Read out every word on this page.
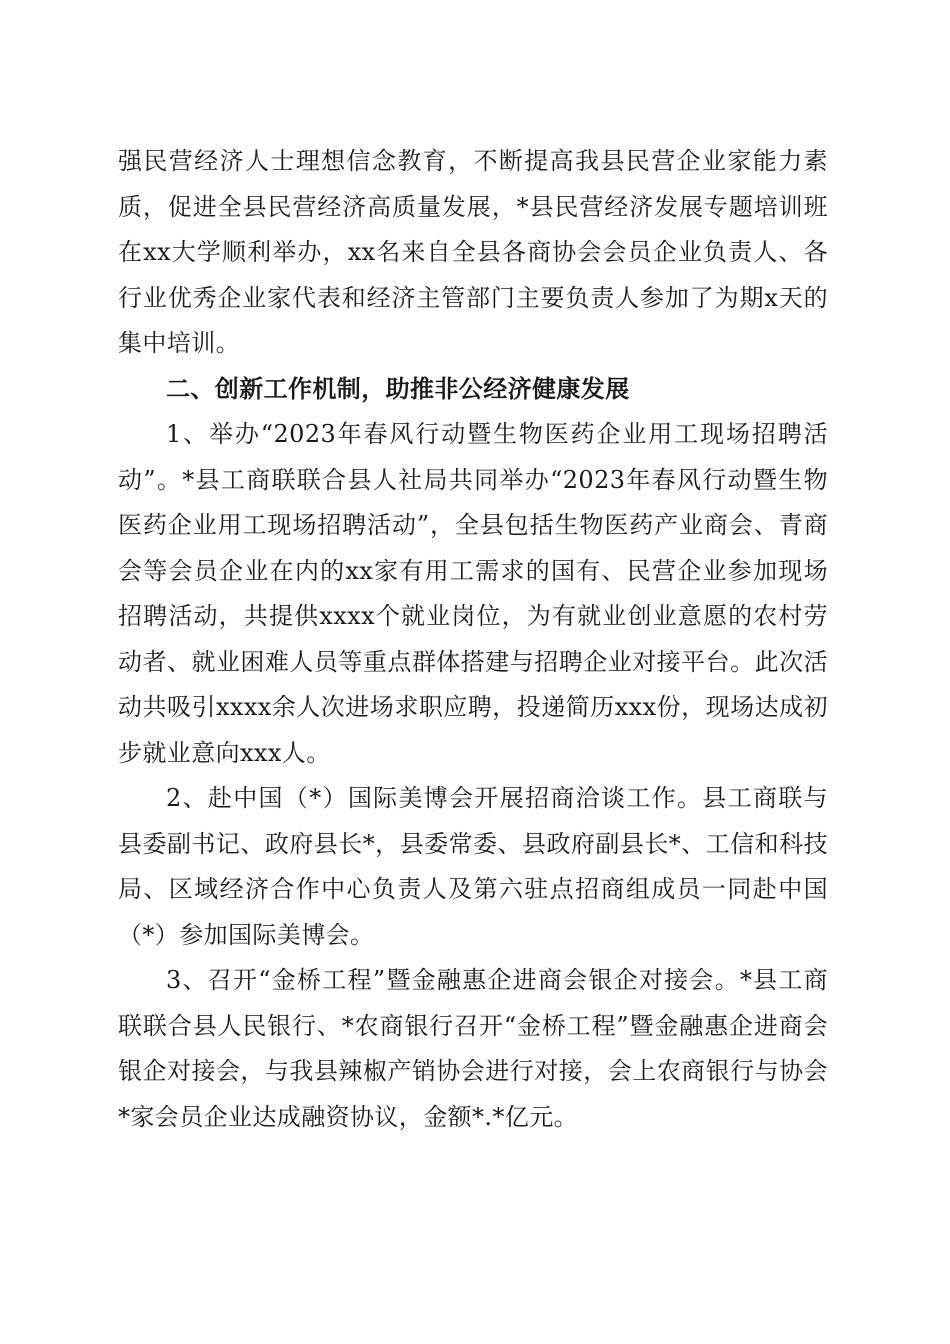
强民营经济人士理想信念教育，不断提高我县民营企业家能力素质，促进全县民营经济高质量发展，*县民营经济发展专题培训班在xx大学顺利举办，xx名来自全县各商协会会员企业负责人、各行业优秀企业家代表和经济主管部门主要负责人参加了为期x天的集中培训。

二、创新工作机制，助推非公经济健康发展

1、举办“2023年春风行动暨生物医药企业用工现场招聘活动”。*县工商联联合县人社局共同举办“2023年春风行动暨生物医药企业用工现场招聘活动”，全县包括生物医药产业商会、青商会等会员企业在内的xx家有用工需求的国有、民营企业参加现场招聘活动，共提供xxxx个就业岗位，为有就业创业意愿的农村劳动者、就业困难人员等重点群体搭建与招聘企业对接平台。此次活动共吸引xxxx余人次进场求职应聘，投递简历xxx份，现场达成初步就业意向xxx人。

2、赴中国（*）国际美博会开展招商洽谈工作。县工商联与县委副书记、政府县长*，县委常委、县政府副县长*、工信和科技局、区域经济合作中心负责人及第六驻点招商组成员一同赴中国（*）参加国际美博会。

3、召开“金桥工程”暨金融惠企进商会银企对接会。*县工商联联合县人民银行、*农商银行召开“金桥工程”暨金融惠企进商会银企对接会，与我县辣椒产销协会进行对接，会上农商银行与协会*家会员企业达成融资协议，金额*.*亿元。
